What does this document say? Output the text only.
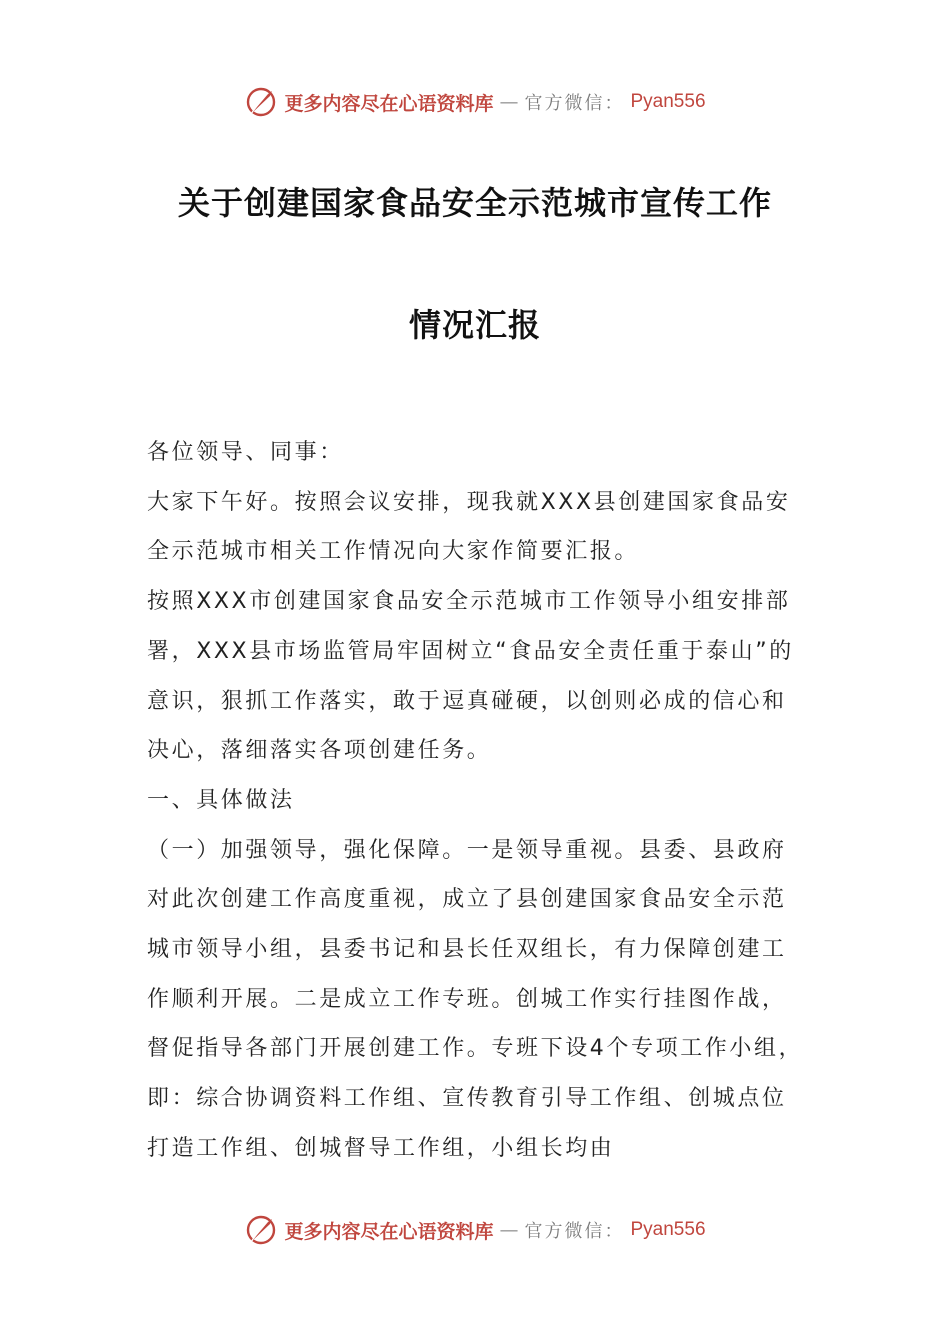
更多内容尽在心语资料库 — 官方微信： Pyan556
关于创建国家食品安全示范城市宣传工作
情况汇报

各位领导、同事：

大家下午好。按照会议安排，现我就XXX县创建国家食品安全示范城市相关工作情况向大家作简要汇报。

按照XXX市创建国家食品安全示范城市工作领导小组安排部署，XXX县市场监管局牢固树立“食品安全责任重于泰山”的意识，狠抓工作落实，敢于逗真碰硬，以创则必成的信心和决心，落细落实各项创建任务。

一、具体做法

（一）加强领导，强化保障。一是领导重视。县委、县政府对此次创建工作高度重视，成立了县创建国家食品安全示范城市领导小组，县委书记和县长任双组长，有力保障创建工作顺利开展。二是成立工作专班。创城工作实行挂图作战，督促指导各部门开展创建工作。专班下设4个专项工作小组，即：综合协调资料工作组、宣传教育引导工作组、创城点位打造工作组、创城督导工作组，小组长均由

更多内容尽在心语资料库 — 官方微信： Pyan556
